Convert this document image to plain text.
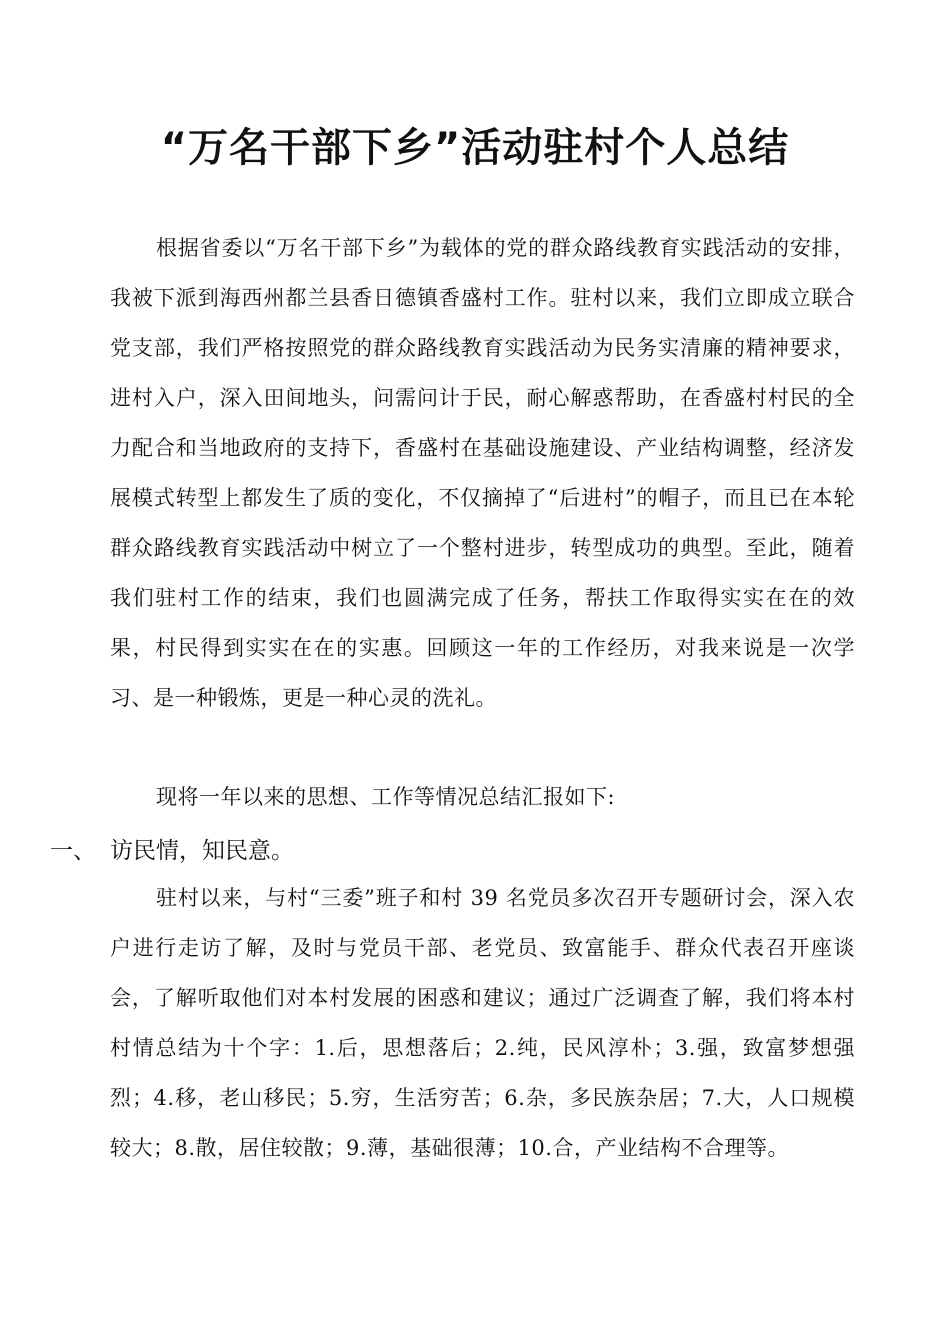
“万名干部下乡”活动驻村个人总结

根据省委以“万名干部下乡”为载体的党的群众路线教育实践活动的安排，我被下派到海西州都兰县香日德镇香盛村工作。驻村以来，我们立即成立联合党支部，我们严格按照党的群众路线教育实践活动为民务实清廉的精神要求，进村入户，深入田间地头，问需问计于民，耐心解惑帮助，在香盛村村民的全力配合和当地政府的支持下，香盛村在基础设施建设、产业结构调整，经济发展模式转型上都发生了质的变化，不仅摘掉了“后进村”的帽子，而且已在本轮群众路线教育实践活动中树立了一个整村进步，转型成功的典型。至此，随着我们驻村工作的结束，我们也圆满完成了任务，帮扶工作取得实实在在的效果，村民得到实实在在的实惠。回顾这一年的工作经历，对我来说是一次学习、是一种锻炼，更是一种心灵的洗礼。

现将一年以来的思想、工作等情况总结汇报如下:

一、 访民情，知民意。

驻村以来，与村“三委”班子和村 39 名党员多次召开专题研讨会，深入农户进行走访了解，及时与党员干部、老党员、致富能手、群众代表召开座谈会，了解听取他们对本村发展的困惑和建议；通过广泛调查了解，我们将本村村情总结为十个字：1.后，思想落后；2.纯，民风淳朴；3.强，致富梦想强烈；4.移，老山移民；5.穷，生活穷苦；6.杂，多民族杂居；7.大，人口规模较大；8.散，居住较散；9.薄，基础很薄；10.合，产业结构不合理等。
